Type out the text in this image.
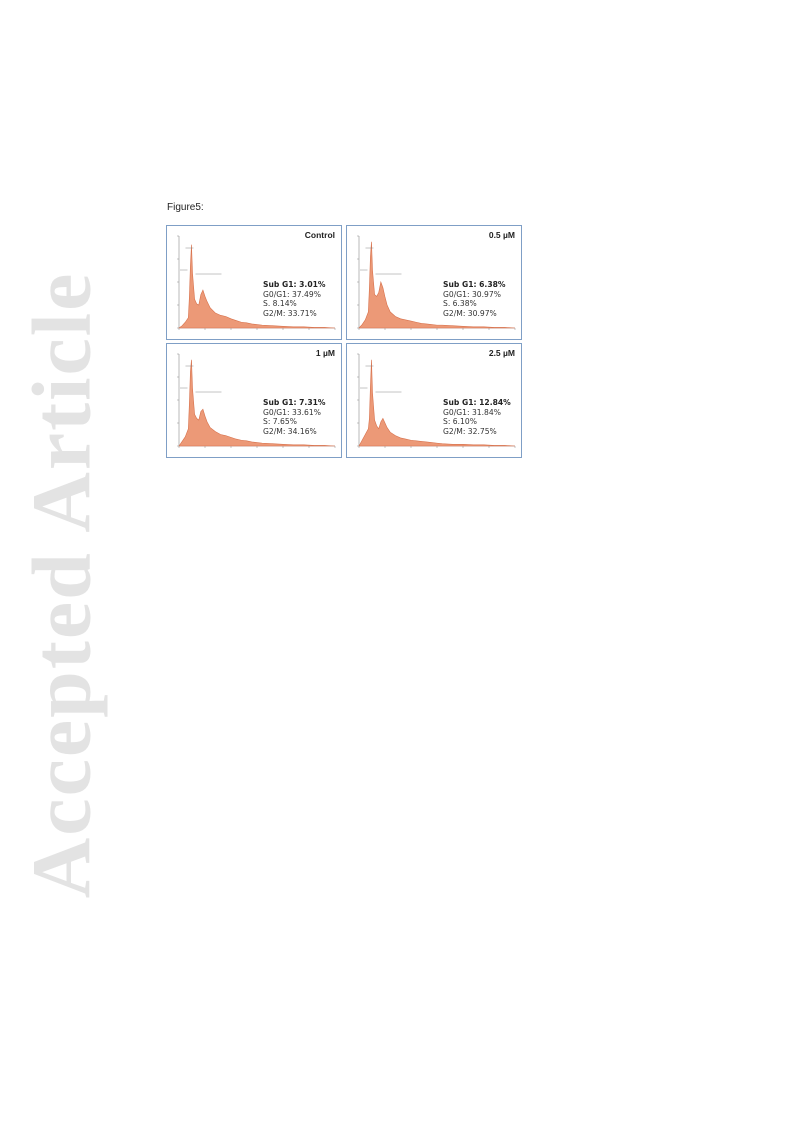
Accepted Article
Figure5:
Control
Sub G1: 3.01%
G0/G1: 37.49%
S. 8.14%
G2/M: 33.71%
0.5 µM
Sub G1: 6.38%
G0/G1: 30.97%
S. 6.38%
G2/M: 30.97%
1 µM
Sub G1: 7.31%
G0/G1: 33.61%
S: 7.65%
G2/M: 34.16%
2.5 µM
Sub G1: 12.84%
G0/G1: 31.84%
S: 6.10%
G2/M: 32.75%
